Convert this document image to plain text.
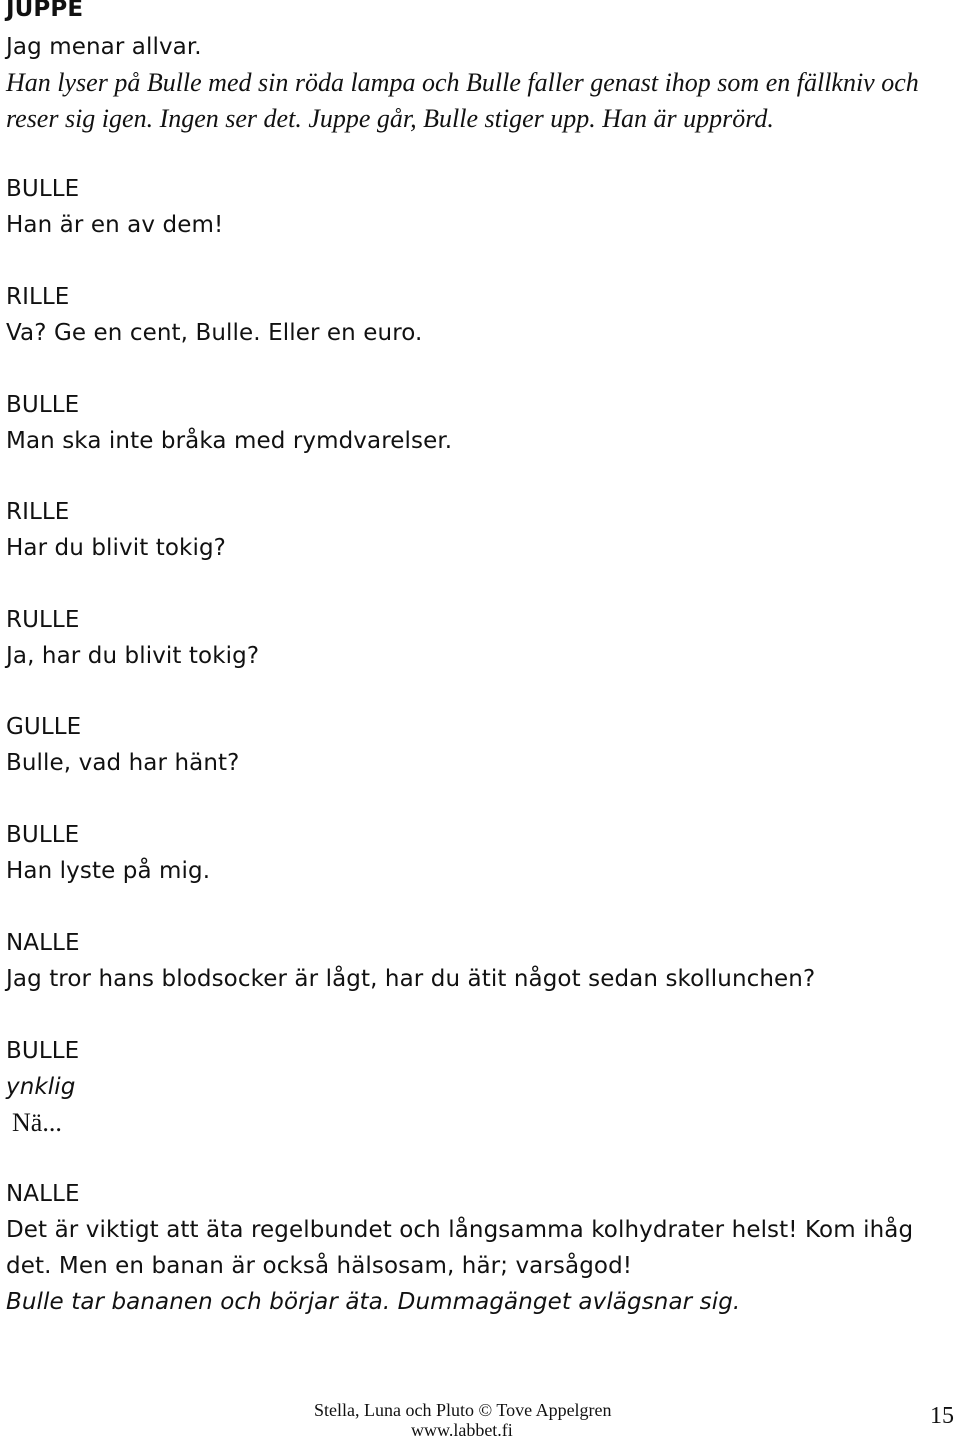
JUPPE

Jag menar allvar.

Han lyser på Bulle med sin röda lampa och Bulle faller genast ihop som en fällkniv och

reser sig igen. Ingen ser det. Juppe går, Bulle stiger upp. Han är upprörd.

BULLE

Han är en av dem!

RILLE

Va? Ge en cent, Bulle. Eller en euro.

BULLE

Man ska inte bråka med rymdvarelser.

RILLE

Har du blivit tokig?

RULLE

Ja, har du blivit tokig?

GULLE

Bulle, vad har hänt?

BULLE

Han lyste på mig.

NALLE

Jag tror hans blodsocker är lågt, har du ätit något sedan skollunchen?

BULLE

ynklig

Nä...

NALLE

Det är viktigt att äta regelbundet och långsamma kolhydrater helst! Kom ihåg

det. Men en banan är också hälsosam, här; varsågod!

Bulle tar bananen och börjar äta. Dummagänget avlägsnar sig.

Stella, Luna och Pluto © Tove Appelgren
www.labbet.fi
15
